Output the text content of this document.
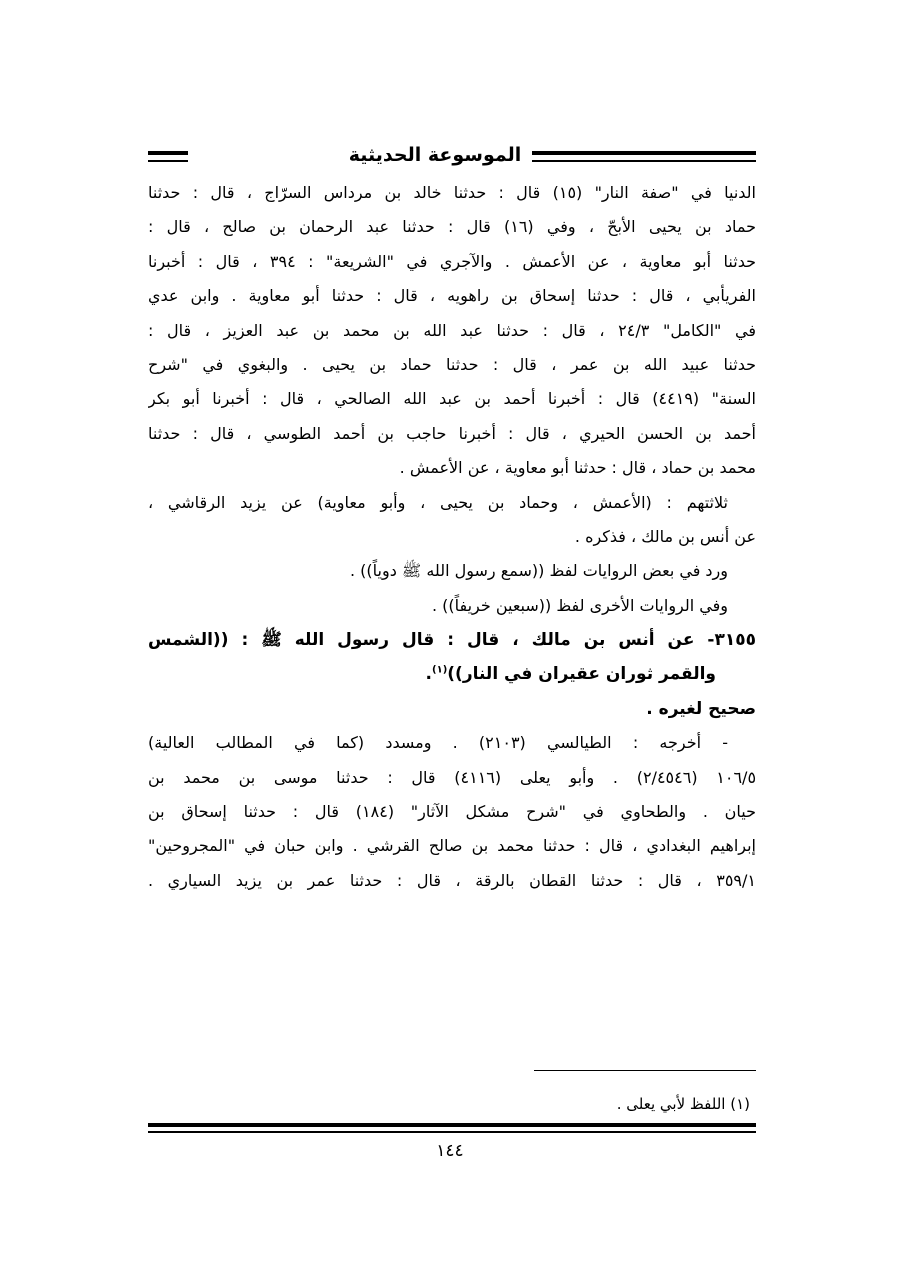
الموسوعة الحديثية
الدنيا في "صفة النار" (١٥) قال : حدثنا خالد بن مرداس السرّاج ، قال : حدثنا
حماد بن يحيى الأبحّ ، وفي (١٦) قال : حدثنا عبد الرحمان بن صالح ، قال :
حدثنا أبو معاوية ، عن الأعمش . والآجري في "الشريعة" : ٣٩٤ ، قال : أخبرنا
الفريأبي ، قال : حدثنا إسحاق بن راهويه ، قال : حدثنا أبو معاوية . وابن عدي
في "الكامل" ٢٤/٣ ، قال : حدثنا عبد الله بن محمد بن عبد العزيز ، قال :
حدثنا عبيد الله بن عمر ، قال : حدثنا حماد بن يحيى . والبغوي في "شرح
السنة" (٤٤١٩) قال : أخبرنا أحمد بن عبد الله الصالحي ، قال : أخبرنا أبو بكر
أحمد بن الحسن الحيري ، قال : أخبرنا حاجب بن أحمد الطوسي ، قال : حدثنا
محمد بن حماد ، قال : حدثنا أبو معاوية ، عن الأعمش .
ثلاثتهم : (الأعمش ، وحماد بن يحيى ، وأبو معاوية) عن يزيد الرقاشي ،
عن أنس بن مالك ، فذكره .
ورد في بعض الروايات لفظ ((سمع رسول الله ﷺ دوياً)) .
وفي الروايات الأخرى لفظ ((سبعين خريفاً)) .
٣١٥٥- عن أنس بن مالك ، قال : قال رسول الله ﷺ : ((الشمس
والقمر ثوران عقيران في النار))$^{(١)}$.
صحيح لغيره .
- أخرجه : الطيالسي (٢١٠٣) . ومسدد (كما في المطالب العالية)
١٠٦/٥ (٢/٤٥٤٦) . وأبو يعلى (٤١١٦) قال : حدثنا موسى بن محمد بن
حيان . والطحاوي في "شرح مشكل الآثار" (١٨٤) قال : حدثنا إسحاق بن
إبراهيم البغدادي ، قال : حدثنا محمد بن صالح القرشي . وابن حبان في "المجروحين"
٣٥٩/١ ، قال : حدثنا القطان بالرقة ، قال : حدثنا عمر بن يزيد السياري .
(١) اللفظ لأبي يعلى .
١٤٤
